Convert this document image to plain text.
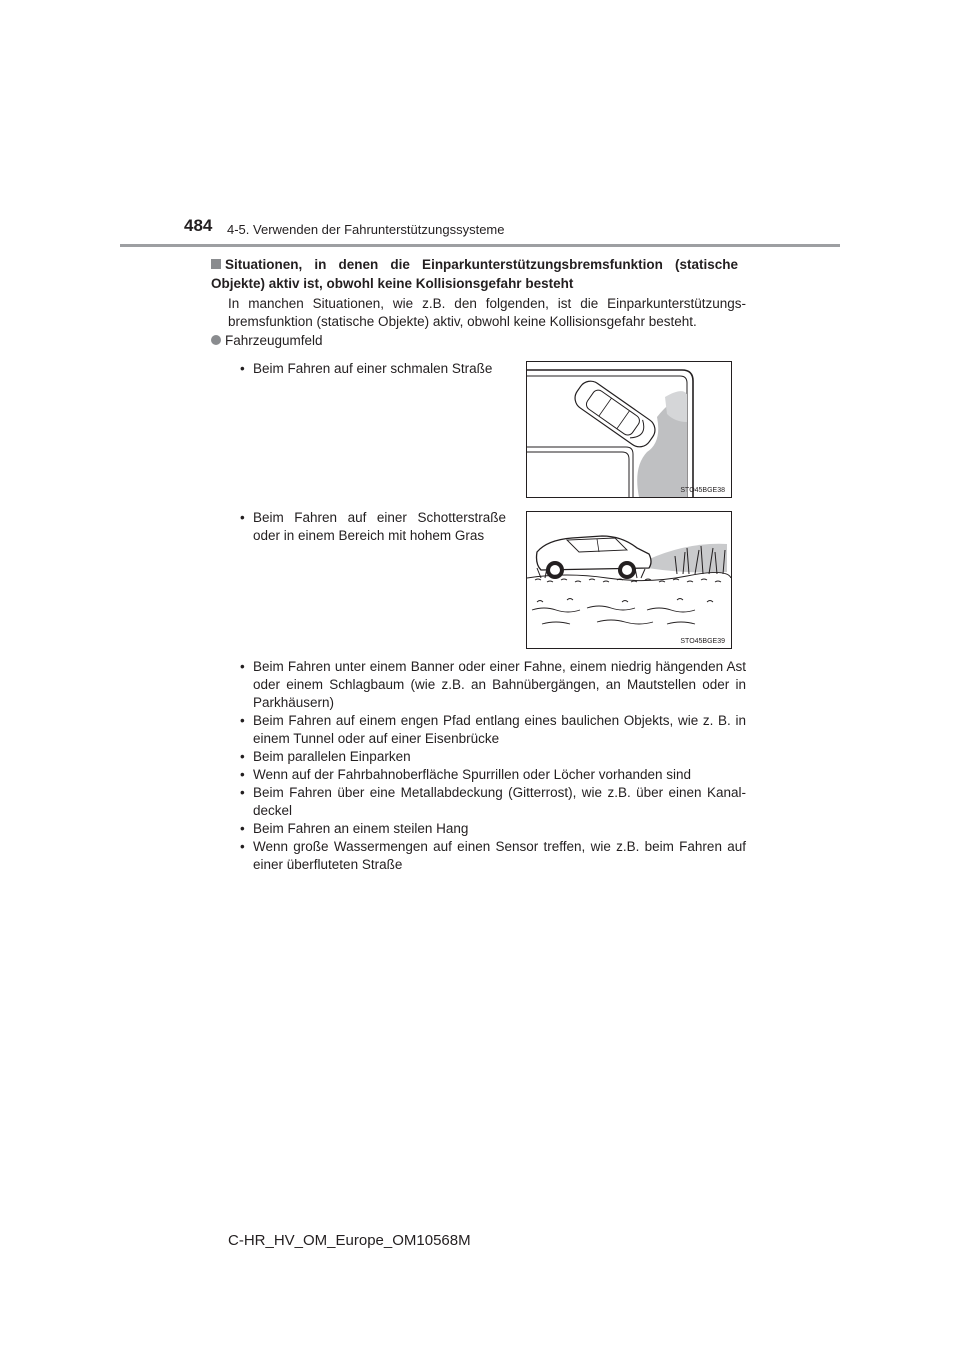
484 4-5. Verwenden der Fahrunterstützungssysteme
Situationen, in denen die Einparkunterstützungsbremsfunktion (statische
Objekte) aktiv ist, obwohl keine Kollisionsgefahr besteht
In manchen Situationen, wie z.B. den folgenden, ist die Einparkunterstützungs-
bremsfunktion (statische Objekte) aktiv, obwohl keine Kollisionsgefahr besteht.
Fahrzeugumfeld
• Beim Fahren auf einer schmalen Straße
STO45BGE38
• Beim Fahren auf einer Schotterstraße
oder in einem Bereich mit hohem Gras
STO45BGE39
• Beim Fahren unter einem Banner oder einer Fahne, einem niedrig hängenden Ast
oder einem Schlagbaum (wie z.B. an Bahnübergängen, an Mautstellen oder in
Parkhäusern)
• Beim Fahren auf einem engen Pfad entlang eines baulichen Objekts, wie z. B. in
einem Tunnel oder auf einer Eisenbrücke
• Beim parallelen Einparken
• Wenn auf der Fahrbahnoberfläche Spurrillen oder Löcher vorhanden sind
• Beim Fahren über eine Metallabdeckung (Gitterrost), wie z.B. über einen Kanal-
deckel
• Beim Fahren an einem steilen Hang
• Wenn große Wassermengen auf einen Sensor treffen, wie z.B. beim Fahren auf
einer überfluteten Straße
C-HR_HV_OM_Europe_OM10568M
